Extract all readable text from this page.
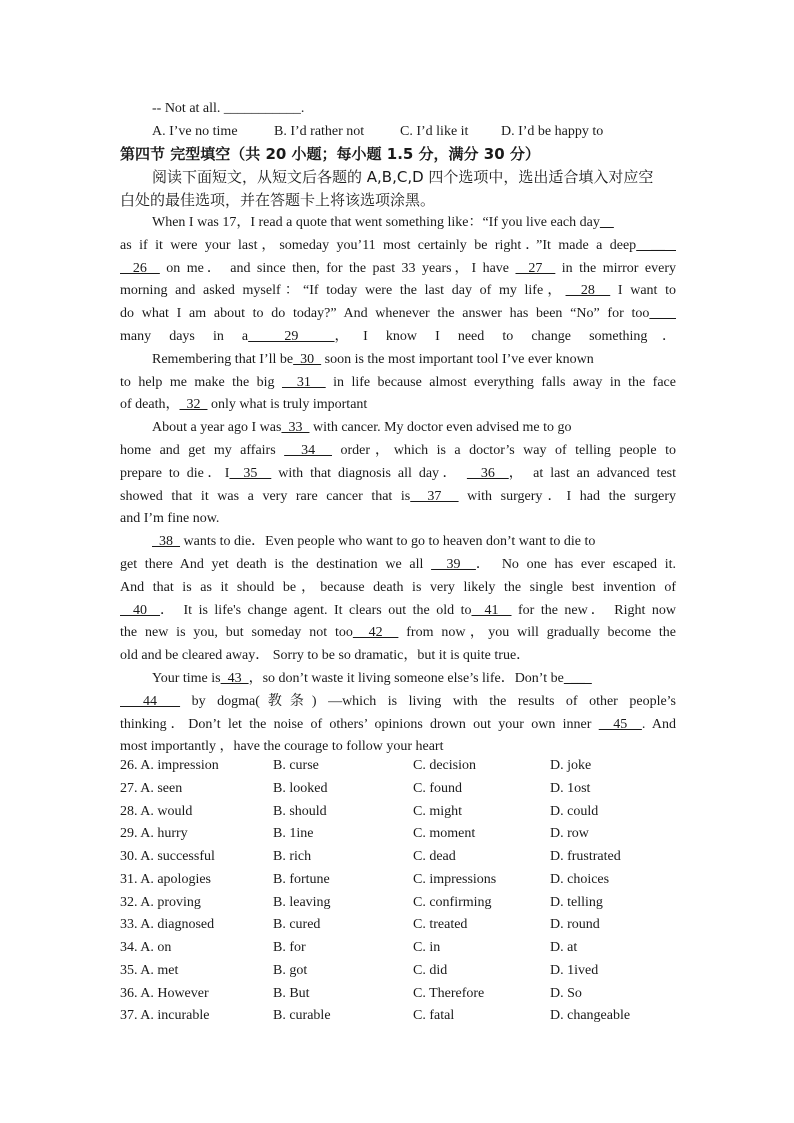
-- Not at all. ___________.
A. I’ve no time	B. I’d rather not	C. I’d like it D. I’d be happy to
第四节 完型填空（共 20 小题；每小题 1.5 分，满分 30 分）
阅读下面短文，从短文后各题的 A,B,C,D 四个选项中，选出适合填入对应空
白处的最佳选项，并在答题卡上将该选项涂黑。
When I was 17，I read a quote that went something like：“If you live each day
as if it were your last，someday you’11 most certainly be right．”It made a deep  __
26   on me． and since then, for the past 33 years，I have   27   in the mirror every
morning and asked myself：“If today were the last day of my life，  28   I want to
do what I am about to do today?” And whenever the answer has been “No” for too
many days in a  29  ，I know I need to change something．
Remembering that I’ll be  30   soon is the most important tool I’ve ever known
to help me make the big   31   in life because almost everything falls away in the face
of death，  32   only what is truly important
About a year ago I was  33   with cancer. My doctor even advised me to go
home and get my affairs   34   order，which is a doctor’s way of telling people to
prepare to die．I  35   with that diagnosis all day．   36  ， at last an advanced test
showed that it was a very rare cancer that is  37   with surgery．I had the surgery
and I’m fine now.
38   wants to die．Even people who want to go to heaven don’t want to die to
get there And yet death is the destination we all   39  ． No one has ever escaped it.
And that is as it should be，because death is very likely the single best invention of
40  ． It is life's change agent. It clears out the old to  41   for the new． Right now
the new is you, but someday not too  42   from now，you will gradually become the
old and be cleared away． Sorry to be so dramatic，but it is quite true．
Your time is  43  ，so don’t waste it living someone else’s life．Don’t be  __
44   by dogma(教条) —which is living with the results of other people’s
thinking．Don’t let the noise of others’ opinions drown out your own inner   45  . And
most importantly ，have the courage to follow your heart
26. A. impression	B. curse	C. decision	D. joke
27. A. seen	B. looked	C. found	D. 1ost
28. A. would	B. should	C. might	D. could
29. A. hurry	B. 1ine	C. moment	D. row
30. A. successful	B. rich	C. dead	D. frustrated
31. A. apologies	B. fortune	C. impressions	D. choices
32. A. proving	B. leaving	C. confirming	D. telling
33. A. diagnosed	B. cured	C. treated	D. round
34. A. on	B. for	C. in	D. at
35. A. met	B. got	C. did	D. 1ived
36. A. However	B. But	C. Therefore	D. So
37. A. incurable	B. curable	C. fatal	D. changeable
